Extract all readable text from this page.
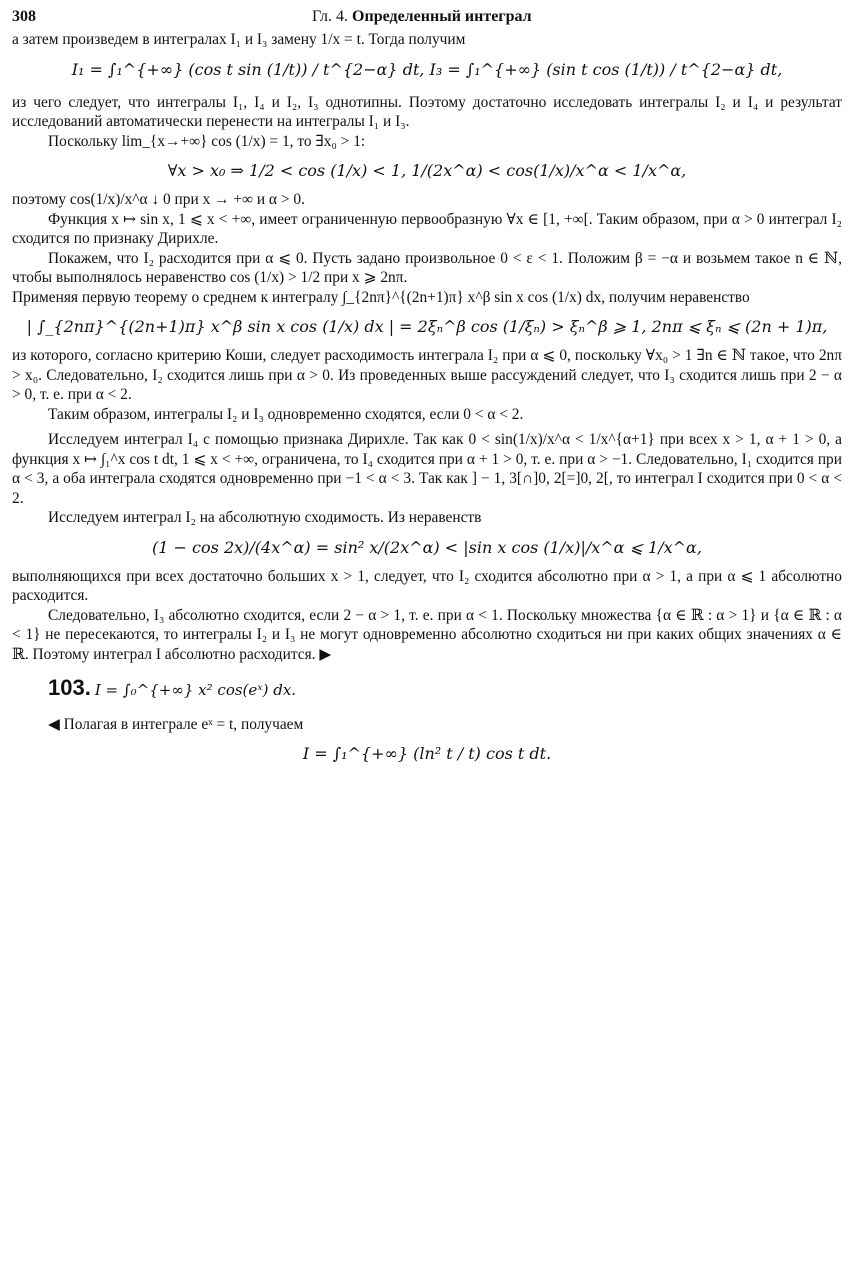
308	Гл. 4. Определенный интеграл

а затем произведем в интегралах I₁ и I₃ замену 1/x = t. Тогда получим

I₁ = ∫₁^{+∞} (cos t sin (1/t)) / t^{2−α} dt, I₃ = ∫₁^{+∞} (sin t cos (1/t)) / t^{2−α} dt,

из чего следует, что интегралы I₁, I₄ и I₂, I₃ однотипны. Поэтому достаточно исследовать интегралы I₂ и I₄ и результат исследований автоматически перенести на интегралы I₁ и I₃.

Поскольку lim_{x→+∞} cos (1/x) = 1, то ∃x₀ > 1:

∀x > x₀ ⇒ 1/2 < cos (1/x) < 1, 1/(2x^α) < cos(1/x)/x^α < 1/x^α,

поэтому cos(1/x)/x^α ↓ 0 при x → +∞ и α > 0.

Функция x ↦ sin x, 1 ⩽ x < +∞, имеет ограниченную первообразную ∀x ∈ [1, +∞[. Таким образом, при α > 0 интеграл I₂ сходится по признаку Дирихле.

Покажем, что I₂ расходится при α ⩽ 0. Пусть задано произвольное 0 < ε < 1. Положим β = −α и возьмем такое n ∈ ℕ, чтобы выполнялось неравенство cos (1/x) > 1/2 при x ⩾ 2nπ.

Применяя первую теорему о среднем к интегралу ∫_{2nπ}^{(2n+1)π} x^β sin x cos (1/x) dx, получим неравенство

| ∫_{2nπ}^{(2n+1)π} x^β sin x cos (1/x) dx | = 2ξₙ^β cos (1/ξₙ) > ξₙ^β ⩾ 1, 2nπ ⩽ ξₙ ⩽ (2n + 1)π,

из которого, согласно критерию Коши, следует расходимость интеграла I₂ при α ⩽ 0, поскольку ∀x₀ > 1 ∃n ∈ ℕ такое, что 2nπ > x₀. Следовательно, I₂ сходится лишь при α > 0. Из проведенных выше рассуждений следует, что I₃ сходится лишь при 2 − α > 0, т. е. при α < 2.

Таким образом, интегралы I₂ и I₃ одновременно сходятся, если 0 < α < 2.

Исследуем интеграл I₄ с помощью признака Дирихле. Так как 0 < sin(1/x)/x^α < 1/x^{α+1} при всех x > 1, α + 1 > 0, а функция x ↦ ∫₁^x cos t dt, 1 ⩽ x < +∞, ограничена, то I₄ сходится при α + 1 > 0, т. е. при α > −1. Следовательно, I₁ сходится при α < 3, а оба интеграла сходятся одновременно при −1 < α < 3. Так как ] − 1, 3[∩]0, 2[=]0, 2[, то интеграл I сходится при 0 < α < 2.

Исследуем интеграл I₂ на абсолютную сходимость. Из неравенств

(1 − cos 2x)/(4x^α) = sin² x/(2x^α) < |sin x cos (1/x)|/x^α ⩽ 1/x^α,

выполняющихся при всех достаточно больших x > 1, следует, что I₂ сходится абсолютно при α > 1, а при α ⩽ 1 абсолютно расходится.

Следовательно, I₃ абсолютно сходится, если 2 − α > 1, т. е. при α < 1. Поскольку множества {α ∈ ℝ : α > 1} и {α ∈ ℝ : α < 1} не пересекаются, то интегралы I₂ и I₃ не могут одновременно абсолютно сходиться ни при каких общих значениях α ∈ ℝ. Поэтому интеграл I абсолютно расходится. ▶

103. I = ∫₀^{+∞} x² cos(eˣ) dx.

◀ Полагая в интеграле eˣ = t, получаем

I = ∫₁^{+∞} (ln² t / t) cos t dt.
